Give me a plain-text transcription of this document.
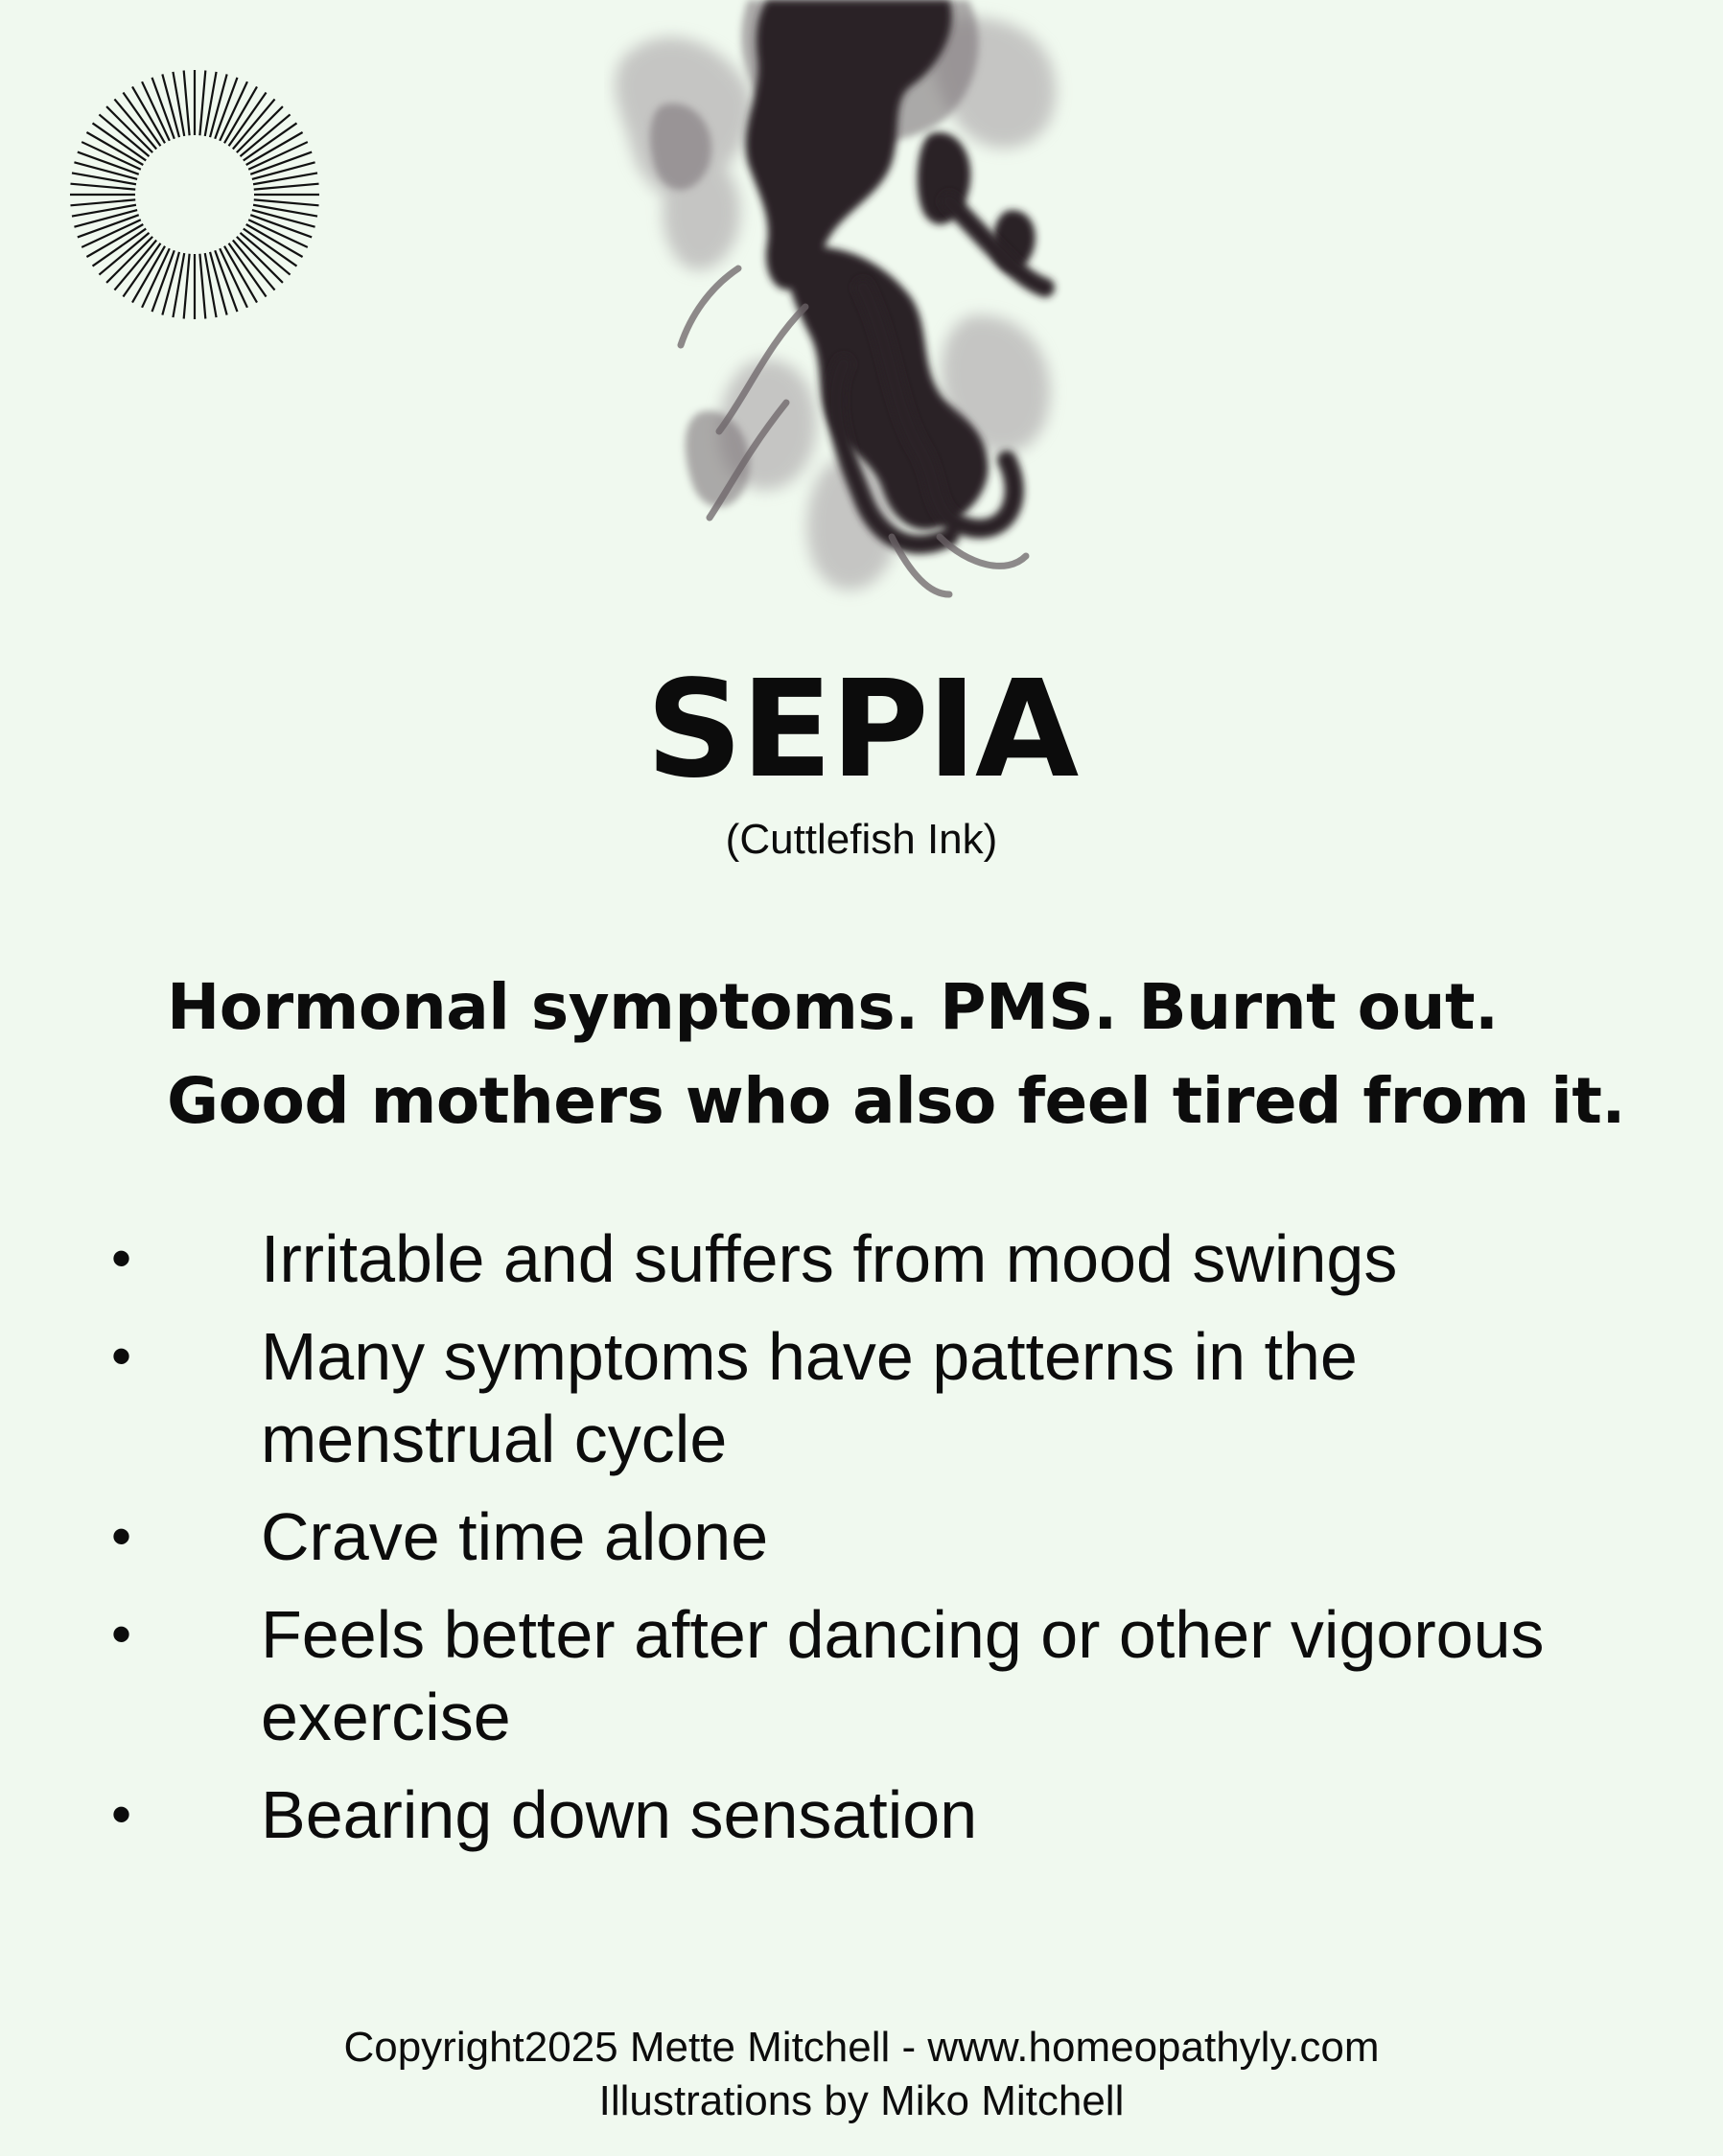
SEPIA
(Cuttlefish Ink)
Hormonal symptoms. PMS. Burnt out.
Good mothers who also feel tired from it.
• Irritable and suffers from mood swings
• Many symptoms have patterns in the menstrual cycle
• Crave time alone
• Feels better after dancing or other vigorous exercise
• Bearing down sensation
Copyright2025 Mette Mitchell - www.homeopathyly.com
Illustrations by Miko Mitchell
